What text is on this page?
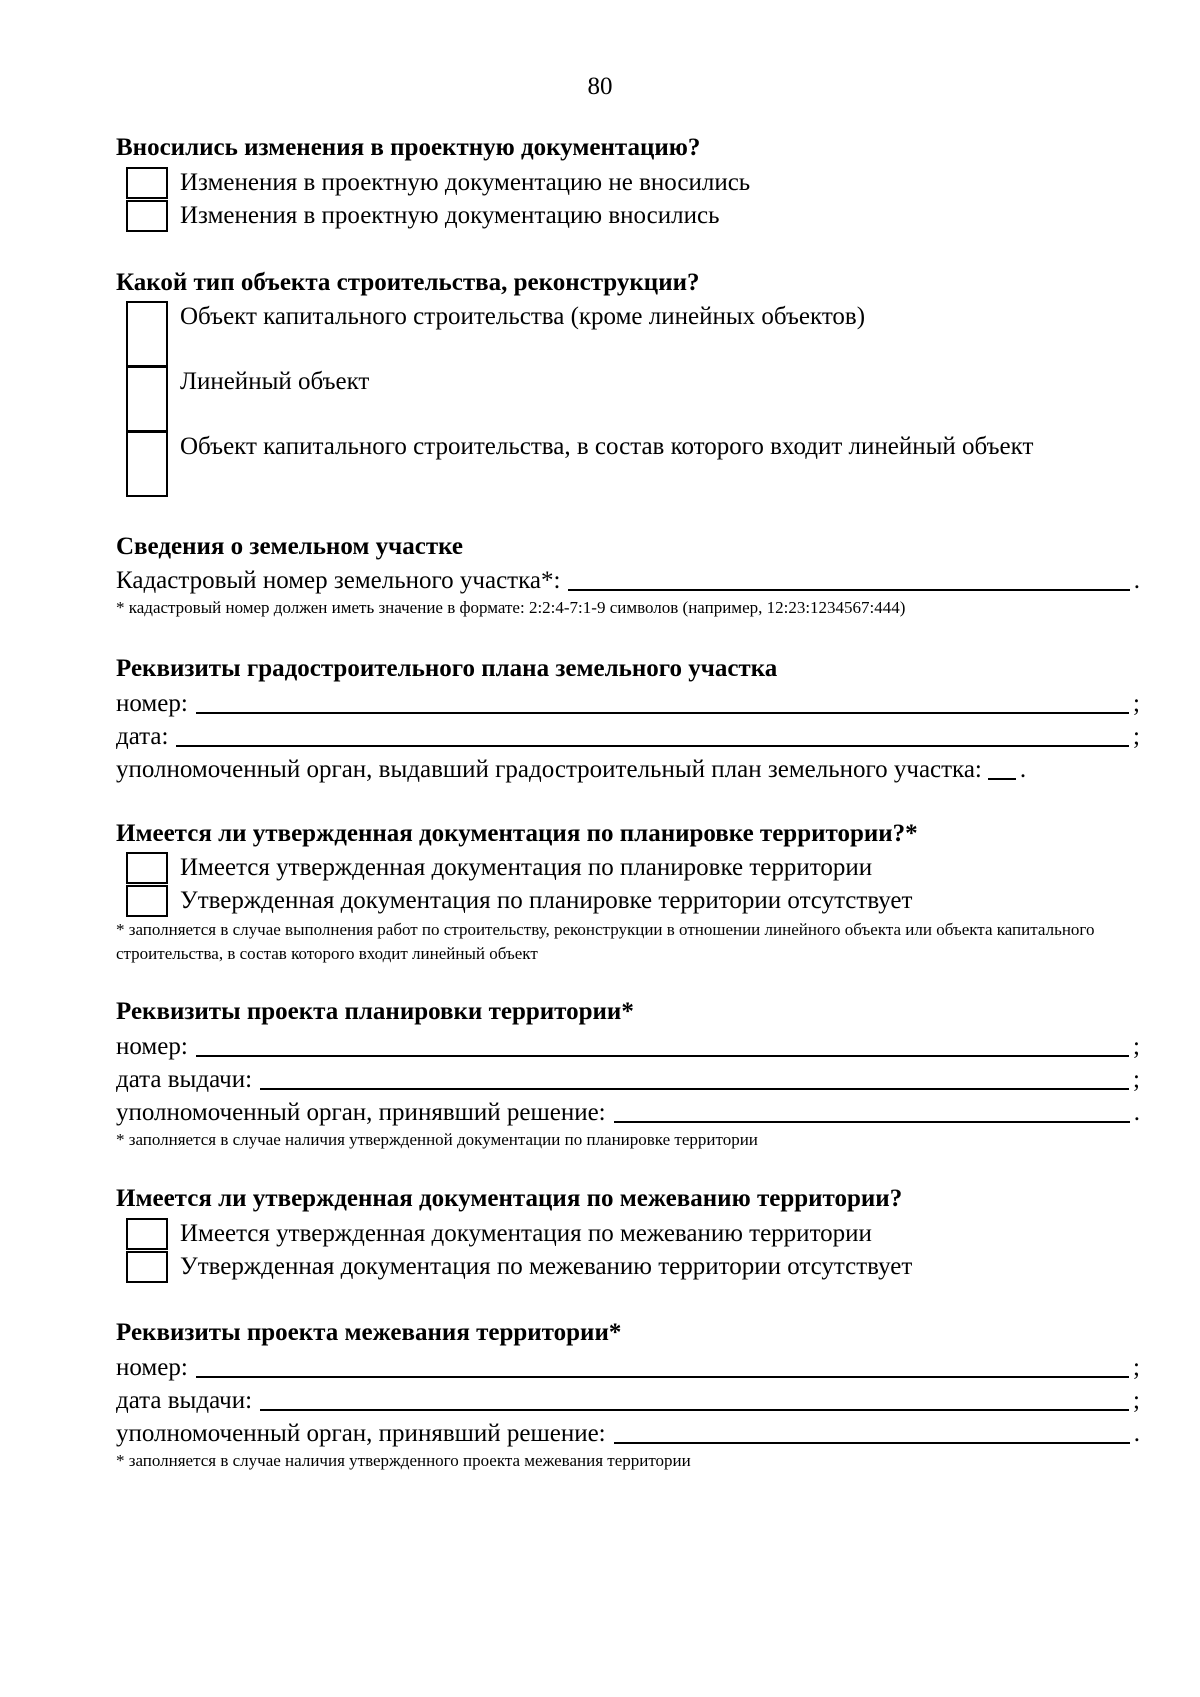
80
Вносились изменения в проектную документацию?
Изменения в проектную документацию не вносились
Изменения в проектную документацию вносились
Какой тип объекта строительства, реконструкции?
Объект капитального строительства (кроме линейных объектов)
Линейный объект
Объект капитального строительства, в состав которого входит линейный объект
Сведения о земельном участке
Кадастровый номер земельного участка*:	.
* кадастровый номер должен иметь значение в формате: 2:2:4-7:1-9 символов (например, 12:23:1234567:444)
Реквизиты градостроительного плана земельного участка
номер:	;
дата:	;
уполномоченный орган, выдавший градостроительный план земельного участка: .
Имеется ли утвержденная документация по планировке территории?*
Имеется утвержденная документация по планировке территории
Утвержденная документация по планировке территории отсутствует
* заполняется в случае выполнения работ по строительству, реконструкции в отношении линейного объекта или объекта капитального строительства, в состав которого входит линейный объект
Реквизиты проекта планировки территории*
номер:	;
дата выдачи:	;
уполномоченный орган, принявший решение:	.
* заполняется в случае наличия утвержденной документации по планировке территории
Имеется ли утвержденная документация по межеванию территории?
Имеется утвержденная документация по межеванию территории
Утвержденная документация по межеванию территории отсутствует
Реквизиты проекта межевания территории*
номер:	;
дата выдачи:	;
уполномоченный орган, принявший решение:	.
* заполняется в случае наличия утвержденного проекта межевания территории
